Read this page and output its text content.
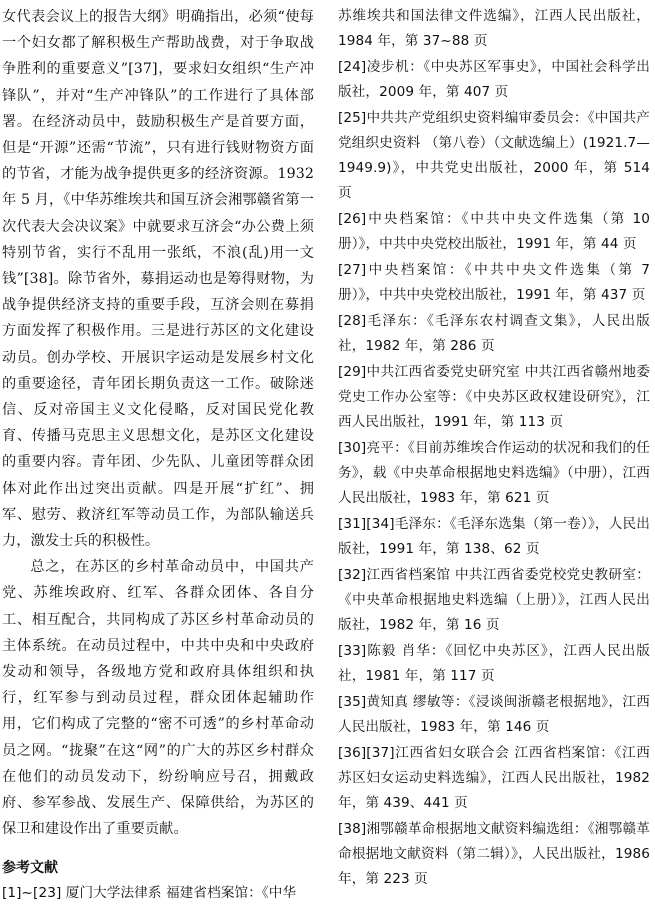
女代表会议上的报告大纲》明确指出，必须“使每一个妇女都了解积极生产帮助战费，对于争取战争胜利的重要意义”[37]，要求妇女组织“生产冲锋队”，并对“生产冲锋队”的工作进行了具体部署。在经济动员中，鼓励积极生产是首要方面，但是“开源”还需“节流”，只有进行钱财物资方面的节省，才能为战争提供更多的经济资源。1932 年 5 月，《中华苏维埃共和国互济会湘鄂赣省第一次代表大会决议案》中就要求互济会“办公费上须特别节省，实行不乱用一张纸，不浪(乱)用一文钱”[38]。除节省外，募捐运动也是筹得财物，为战争提供经济支持的重要手段，互济会则在募捐方面发挥了积极作用。三是进行苏区的文化建设动员。创办学校、开展识字运动是发展乡村文化的重要途径，青年团长期负责这一工作。破除迷信、反对帝国主义文化侵略，反对国民党化教育、传播马克思主义思想文化，是苏区文化建设的重要内容。青年团、少先队、儿童团等群众团体对此作出过突出贡献。四是开展“扩红”、拥军、慰劳、救济红军等动员工作，为部队输送兵力，激发士兵的积极性。

总之，在苏区的乡村革命动员中，中国共产党、苏维埃政府、红军、各群众团体、各自分工、相互配合，共同构成了苏区乡村革命动员的主体系统。在动员过程中，中共中央和中央政府发动和领导，各级地方党和政府具体组织和执行，红军参与到动员过程，群众团体起辅助作用，它们构成了完整的“密不可透”的乡村革命动员之网。“拢聚”在这“网”的广大的苏区乡村群众在他们的动员发动下，纷纷响应号召，拥戴政府、参军参战、发展生产、保障供给，为苏区的保卫和建设作出了重要贡献。

参考文献

[1]~[23] 厦门大学法律系 福建省档案馆：《中华

苏维埃共和国法律文件选编》，江西人民出版社，1984 年，第 37~88 页

[24]凌步机：《中央苏区军事史》，中国社会科学出版社，2009 年，第 407 页

[25]中共共产党组织史资料编审委员会：《中国共产党组织史资料 （第八卷）（文献选编上）(1921.7—1949.9)》，中共党史出版社，2000 年，第 514 页

[26]中央档案馆：《中共中央文件选集（第 10 册）》，中共中央党校出版社，1991 年，第 44 页

[27]中央档案馆：《中共中央文件选集（第 7 册）》，中共中央党校出版社，1991 年，第 437 页

[28]毛泽东：《毛泽东农村调查文集》，人民出版社，1982 年，第 286 页

[29]中共江西省委党史研究室 中共江西省赣州地委党史工作办公室等：《中央苏区政权建设研究》，江西人民出版社，1991 年，第 113 页

[30]亮平：《目前苏维埃合作运动的状况和我们的任务》，载《中央革命根据地史料选编》（中册），江西人民出版社，1983 年，第 621 页

[31][34]毛泽东：《毛泽东选集（第一卷）》，人民出版社，1991 年，第 138、62 页

[32]江西省档案馆 中共江西省委党校党史教研室：《中央革命根据地史料选编（上册）》，江西人民出版社，1982 年，第 16 页

[33]陈毅 肖华：《回忆中央苏区》，江西人民出版社，1981 年，第 117 页

[35]黄知真 缪敏等：《浸谈闽浙赣老根据地》，江西人民出版社，1983 年，第 146 页

[36][37]江西省妇女联合会 江西省档案馆：《江西苏区妇女运动史料选编》，江西人民出版社，1982 年，第 439、441 页

[38]湘鄂赣革命根据地文献资料编选组：《湘鄂赣革命根据地文献资料（第二辑）》，人民出版社，1986 年，第 223 页
